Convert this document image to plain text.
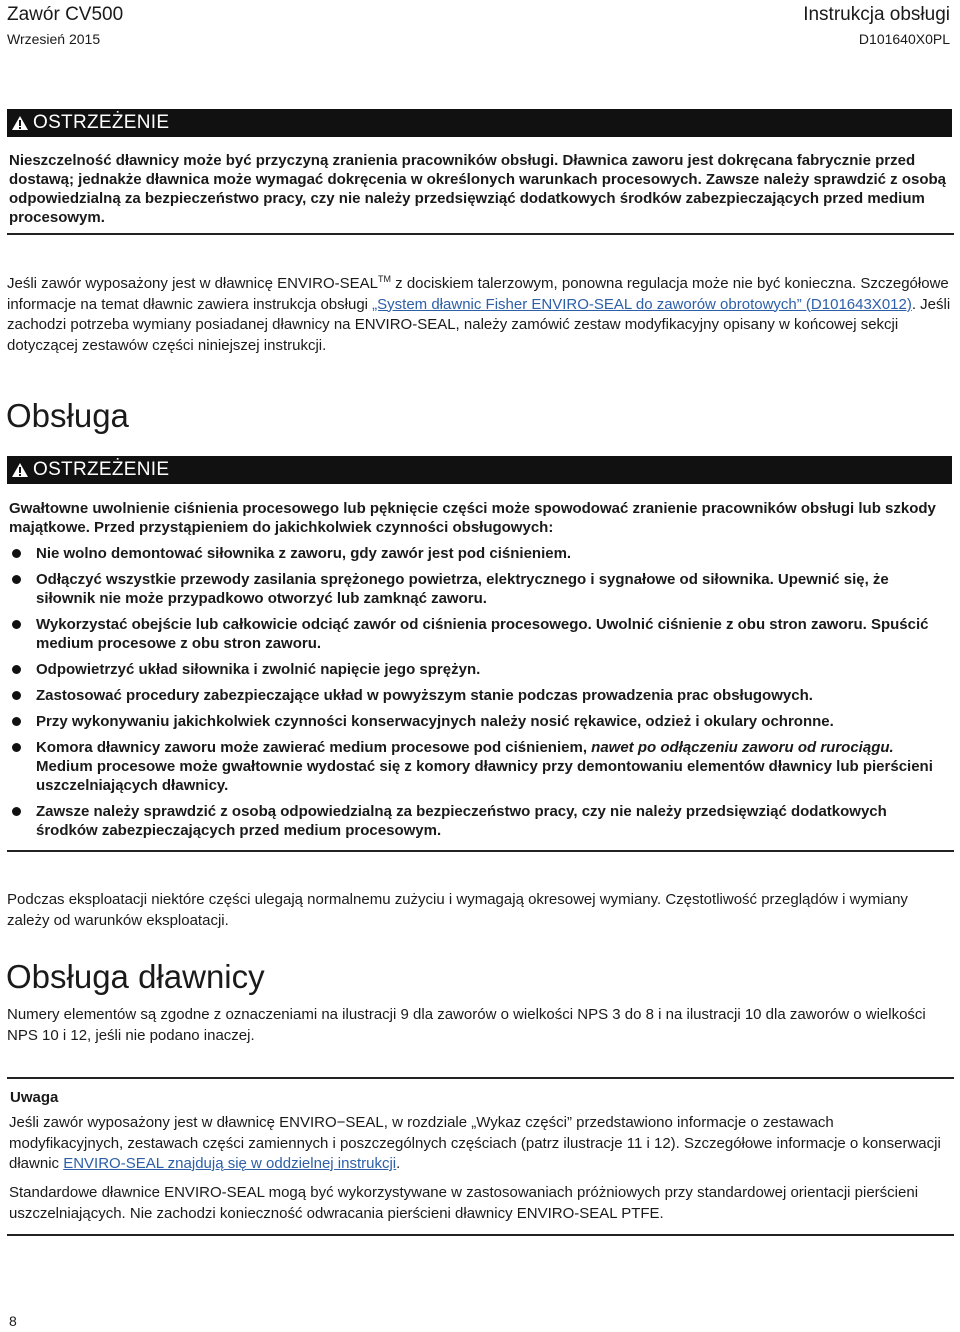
Zawór CV500
Wrzesień 2015
Instrukcja obsługi
D101640X0PL
OSTRZEŻENIE
Nieszczelność dławnicy może być przyczyną zranienia pracowników obsługi. Dławnica zaworu jest dokręcana fabrycznie przed dostawą; jednakże dławnica może wymagać dokręcenia w określonych warunkach procesowych. Zawsze należy sprawdzić z osobą odpowiedzialną za bezpieczeństwo pracy, czy nie należy przedsięwziąć dodatkowych środków zabezpieczających przed medium procesowym.
Jeśli zawór wyposażony jest w dławnicę ENVIRO-SEAL™ z dociskiem talerzowym, ponowna regulacja może nie być konieczna. Szczegółowe informacje na temat dławnic zawiera instrukcja obsługi „System dławnic Fisher ENVIRO-SEAL do zaworów obrotowych” (D101643X012). Jeśli zachodzi potrzeba wymiany posiadanej dławnicy na ENVIRO-SEAL, należy zamówić zestaw modyfikacyjny opisany w końcowej sekcji dotyczącej zestawów części niniejszej instrukcji.
Obsługa
OSTRZEŻENIE
Gwałtowne uwolnienie ciśnienia procesowego lub pęknięcie części może spowodować zranienie pracowników obsługi lub szkody majątkowe. Przed przystąpieniem do jakichkolwiek czynności obsługowych:
Nie wolno demontować siłownika z zaworu, gdy zawór jest pod ciśnieniem.
Odłączyć wszystkie przewody zasilania sprężonego powietrza, elektrycznego i sygnałowe od siłownika. Upewnić się, że siłownik nie może przypadkowo otworzyć lub zamknąć zaworu.
Wykorzystać obejście lub całkowicie odciąć zawór od ciśnienia procesowego. Uwolnić ciśnienie z obu stron zaworu. Spuścić medium procesowe z obu stron zaworu.
Odpowietrzyć układ siłownika i zwolnić napięcie jego sprężyn.
Zastosować procedury zabezpieczające układ w powyższym stanie podczas prowadzenia prac obsługowych.
Przy wykonywaniu jakichkolwiek czynności konserwacyjnych należy nosić rękawice, odzież i okulary ochronne.
Komora dławnicy zaworu może zawierać medium procesowe pod ciśnieniem, nawet po odłączeniu zaworu od rurociągu. Medium procesowe może gwałtownie wydostać się z komory dławnicy przy demontowaniu elementów dławnicy lub pierścieni uszczelniających dławnicy.
Zawsze należy sprawdzić z osobą odpowiedzialną za bezpieczeństwo pracy, czy nie należy przedsięwziąć dodatkowych środków zabezpieczających przed medium procesowym.
Podczas eksploatacji niektóre części ulegają normalnemu zużyciu i wymagają okresowej wymiany. Częstotliwość przeglądów i wymiany zależy od warunków eksploatacji.
Obsługa dławnicy
Numery elementów są zgodne z oznaczeniami na ilustracji 9 dla zaworów o wielkości NPS 3 do 8 i na ilustracji 10 dla zaworów o wielkości NPS 10 i 12, jeśli nie podano inaczej.
Uwaga
Jeśli zawór wyposażony jest w dławnicę ENVIRO−SEAL, w rozdziale „Wykaz części” przedstawiono informacje o zestawach modyfikacyjnych, zestawach części zamiennych i poszczególnych częściach (patrz ilustracje 11 i 12). Szczegółowe informacje o konserwacji dławnic ENVIRO-SEAL znajdują się w oddzielnej instrukcji.
Standardowe dławnice ENVIRO-SEAL mogą być wykorzystywane w zastosowaniach próżniowych przy standardowej orientacji pierścieni uszczelniających. Nie zachodzi konieczność odwracania pierścieni dławnicy ENVIRO-SEAL PTFE.
8
